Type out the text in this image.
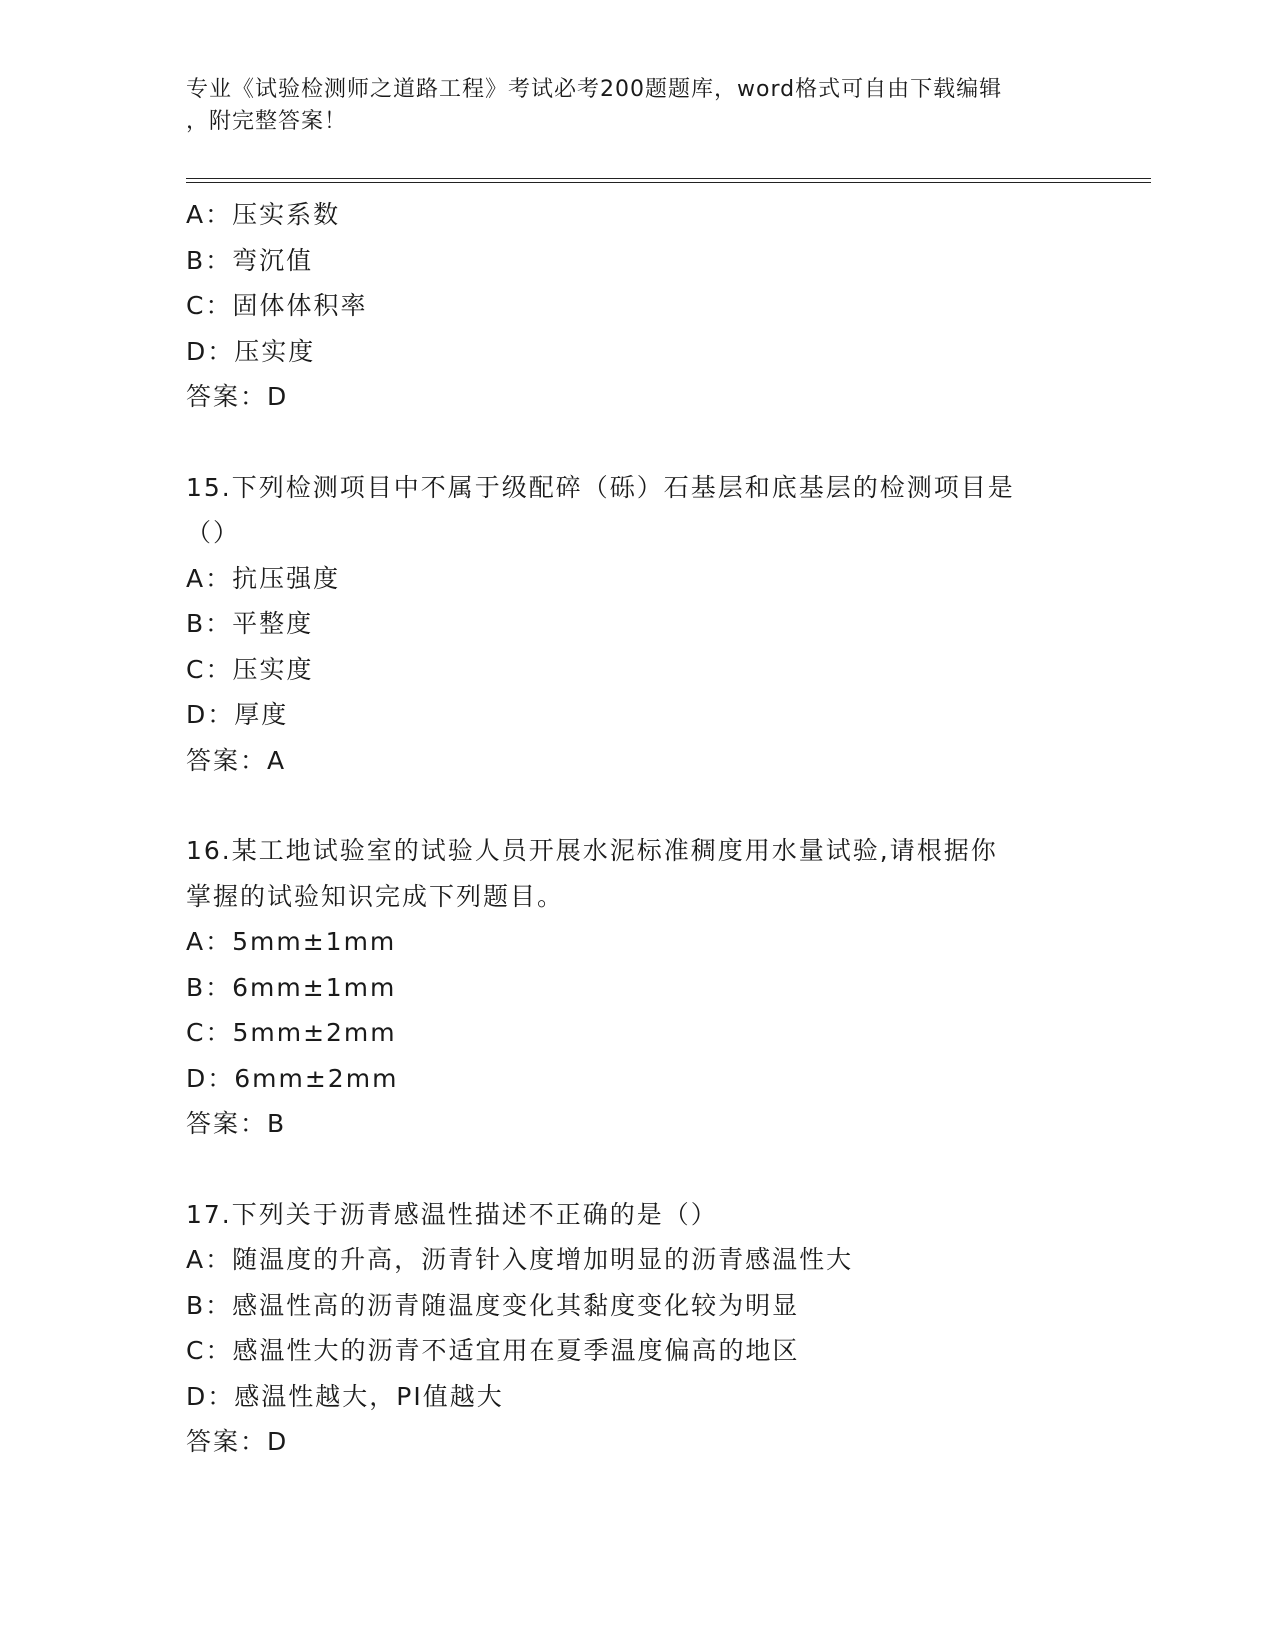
专业《试验检测师之道路工程》考试必考200题题库，word格式可自由下载编辑
，附完整答案！
A：压实系数
B：弯沉值
C：固体体积率
D：压实度
答案：D
15.下列检测项目中不属于级配碎（砾）石基层和底基层的检测项目是
（）
A：抗压强度
B：平整度
C：压实度
D：厚度
答案：A
16.某工地试验室的试验人员开展水泥标准稠度用水量试验,请根据你
掌握的试验知识完成下列题目。
A：5mm±1mm
B：6mm±1mm
C：5mm±2mm
D：6mm±2mm
答案：B
17.下列关于沥青感温性描述不正确的是（）
A：随温度的升高，沥青针入度增加明显的沥青感温性大
B：感温性高的沥青随温度变化其黏度变化较为明显
C：感温性大的沥青不适宜用在夏季温度偏高的地区
D：感温性越大，PI值越大
答案：D
